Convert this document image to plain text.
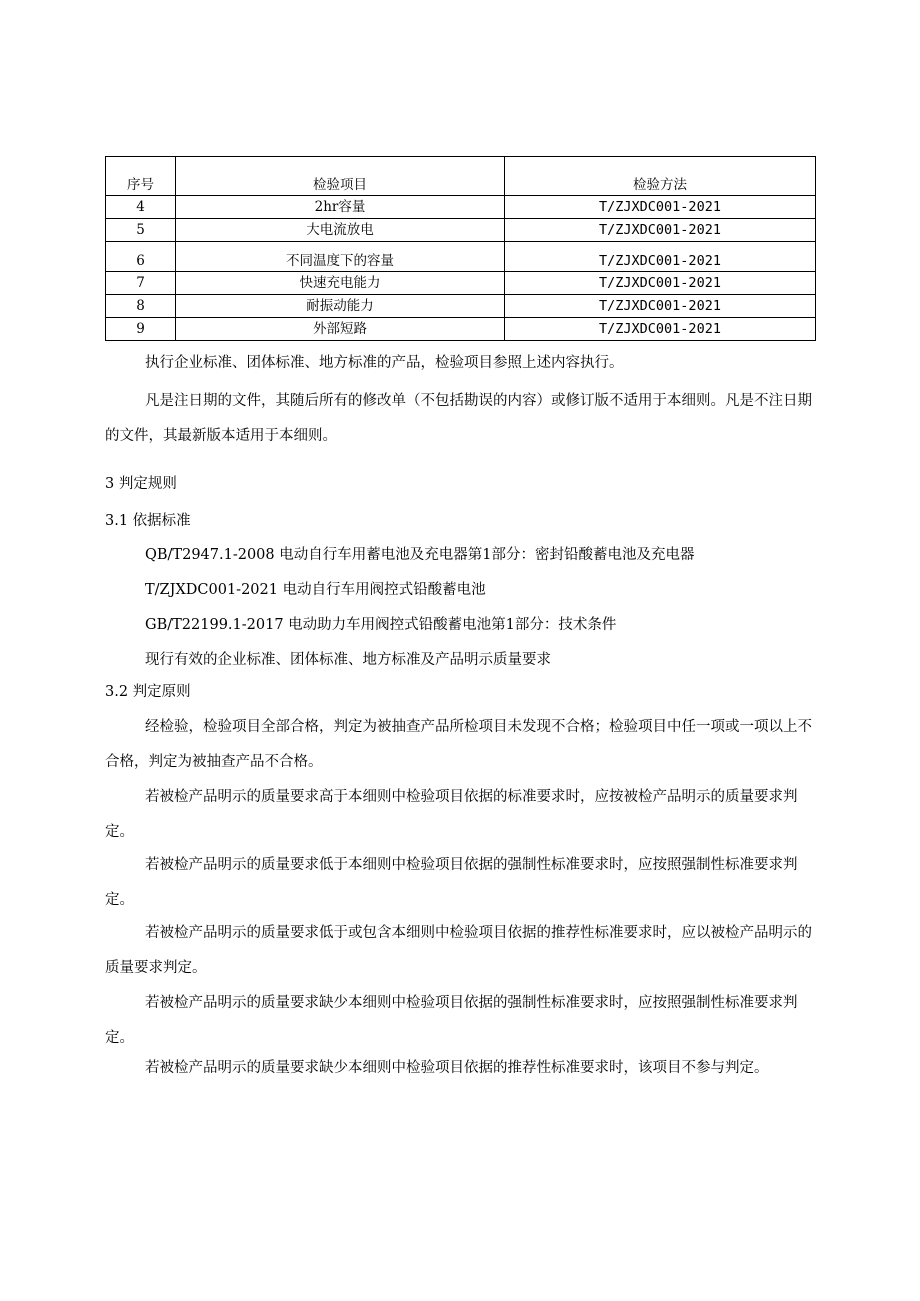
序号	检验项目	检验方法
4	2hr容量	T/ZJXDC001-2021
5	大电流放电	T/ZJXDC001-2021
6	不同温度下的容量	T/ZJXDC001-2021
7	快速充电能力	T/ZJXDC001-2021
8	耐振动能力	T/ZJXDC001-2021
9	外部短路	T/ZJXDC001-2021

执行企业标准、团体标准、地方标准的产品，检验项目参照上述内容执行。

凡是注日期的文件，其随后所有的修改单（不包括勘误的内容）或修订版不适用于本细则。凡是不注日期的文件，其最新版本适用于本细则。

3 判定规则

3.1 依据标准

QB/T2947.1-2008 电动自行车用蓄电池及充电器第1部分：密封铅酸蓄电池及充电器

T/ZJXDC001-2021 电动自行车用阀控式铅酸蓄电池

GB/T22199.1-2017 电动助力车用阀控式铅酸蓄电池第1部分：技术条件

现行有效的企业标准、团体标准、地方标准及产品明示质量要求

3.2 判定原则

经检验，检验项目全部合格，判定为被抽查产品所检项目未发现不合格；检验项目中任一项或一项以上不合格，判定为被抽查产品不合格。

若被检产品明示的质量要求高于本细则中检验项目依据的标准要求时，应按被检产品明示的质量要求判定。

若被检产品明示的质量要求低于本细则中检验项目依据的强制性标准要求时，应按照强制性标准要求判定。

若被检产品明示的质量要求低于或包含本细则中检验项目依据的推荐性标准要求时，应以被检产品明示的质量要求判定。

若被检产品明示的质量要求缺少本细则中检验项目依据的强制性标准要求时，应按照强制性标准要求判定。

若被检产品明示的质量要求缺少本细则中检验项目依据的推荐性标准要求时，该项目不参与判定。
